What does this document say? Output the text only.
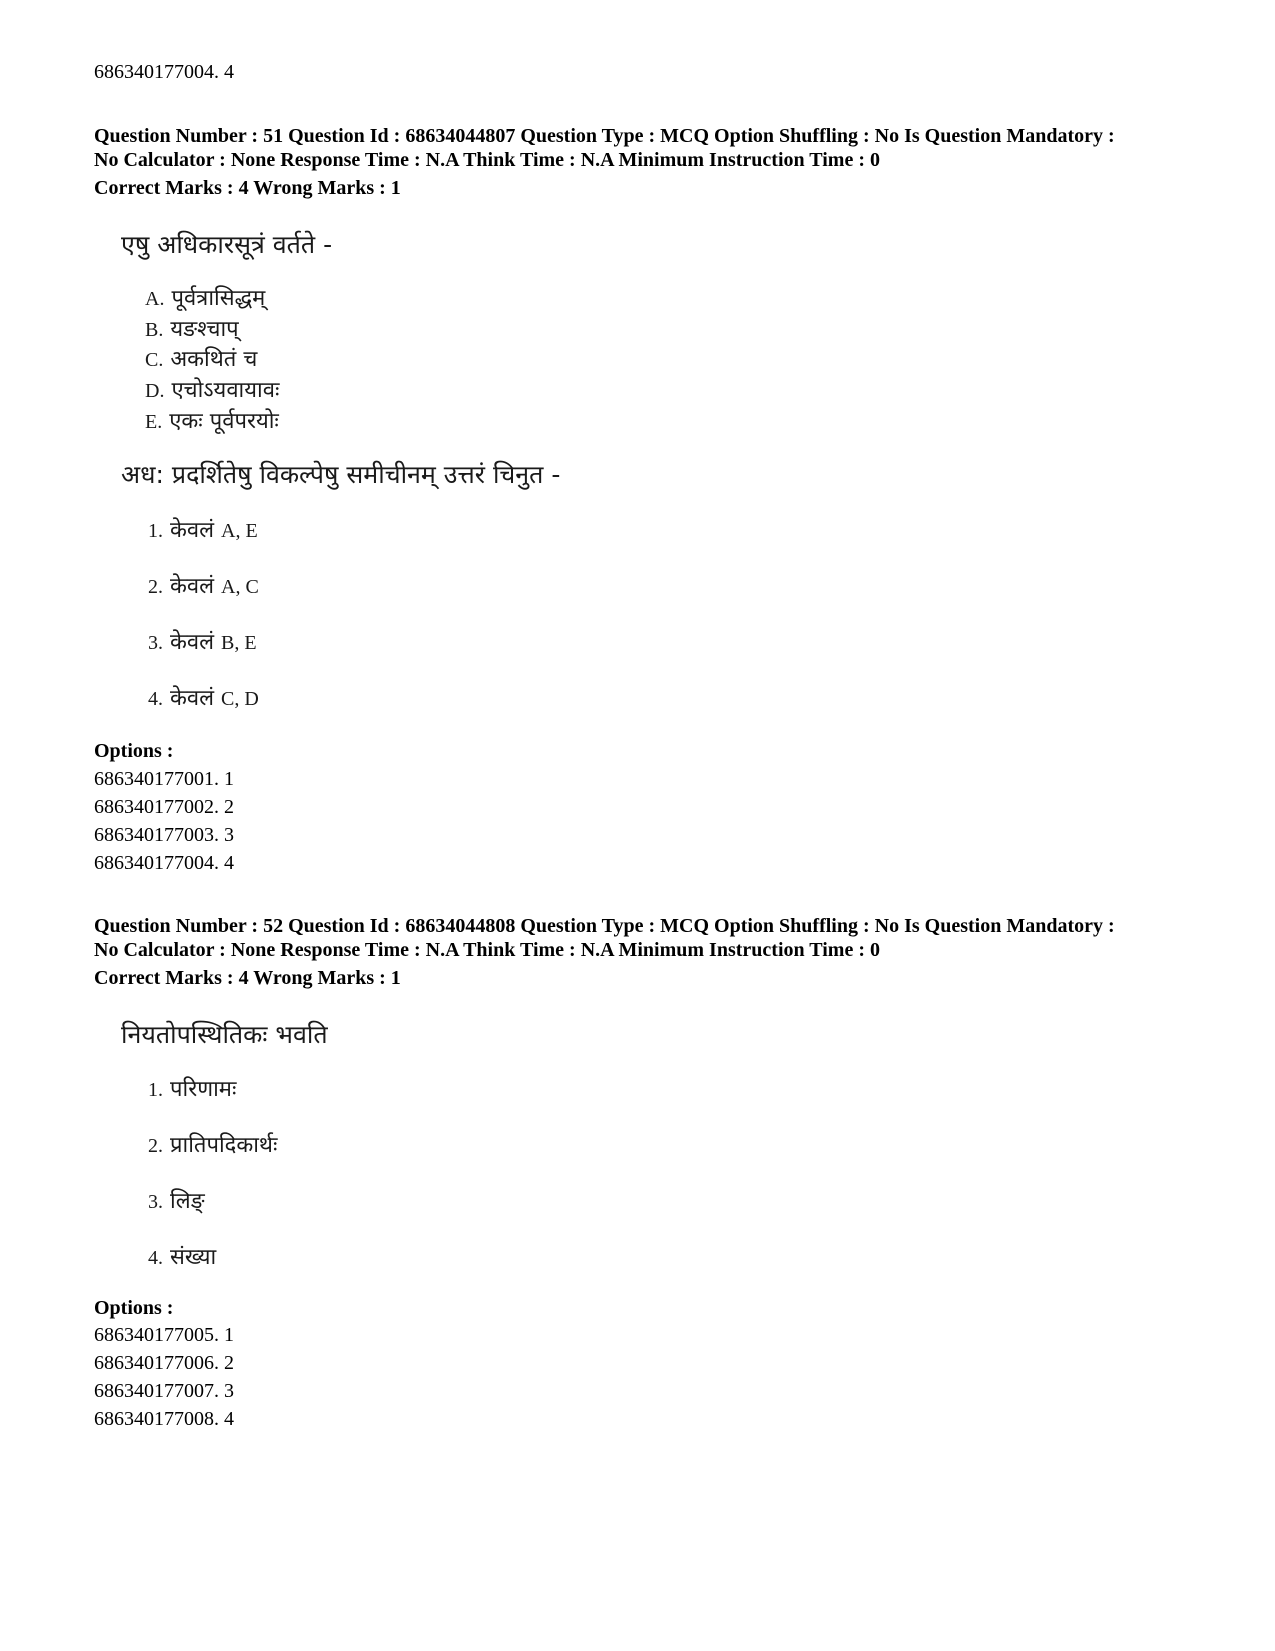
686340177004. 4
Question Number : 51 Question Id : 68634044807 Question Type : MCQ Option Shuffling : No Is Question Mandatory :
No Calculator : None Response Time : N.A Think Time : N.A Minimum Instruction Time : 0
Correct Marks : 4 Wrong Marks : 1
एषु अधिकारसूत्रं वर्तते -
A. पूर्वत्रासिद्धम्
B. यङश्चाप्
C. अकथितं च
D. एचोऽयवायावः
E. एकः पूर्वपरयोः
अध: प्रदर्शितेषु विकल्पेषु समीचीनम् उत्तरं चिनुत -
1. केवलं A, E
2. केवलं A, C
3. केवलं B, E
4. केवलं C, D
Options :
686340177001. 1
686340177002. 2
686340177003. 3
686340177004. 4
Question Number : 52 Question Id : 68634044808 Question Type : MCQ Option Shuffling : No Is Question Mandatory :
No Calculator : None Response Time : N.A Think Time : N.A Minimum Instruction Time : 0
Correct Marks : 4 Wrong Marks : 1
नियतोपस्थितिकः भवति
1. परिणामः
2. प्रातिपदिकार्थः
3. लिङ्
4. संख्या
Options :
686340177005. 1
686340177006. 2
686340177007. 3
686340177008. 4
